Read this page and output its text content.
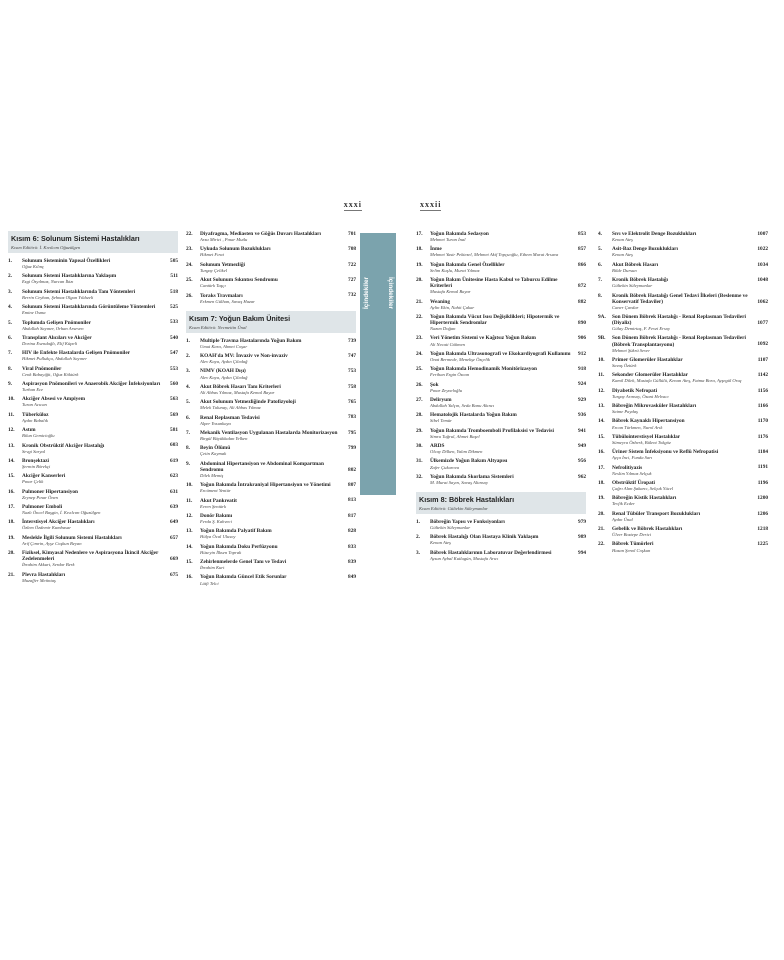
xxxi
Kısım 6: Solunum Sistemi Hastalıkları
Kısım Editörü: İ. Kıvılcım Oğuzülgen
1. Solunum Sisteminin Yapısal Özellikleri	505
Oğuz Kılınç
2. Solunum Sistemi Hastalıklarına Yaklaşım	511
Ezgi Özyılmaz, Nurcan İkizı
3. Solunum Sistemi Hastalıklarında Tanı Yöntemleri	518
Berrin Ceyhan, Şehnaz Olgun Yıldızeli
4. Solunum Sistemi Hastalıklarında Görüntüleme Yöntemleri	525
Emine Osma
5. Toplumda Gelişen Pnömoniler	533
Abdullah Sayıner, Orhan Arseven
6. Transplant Alıcıları ve Akciğer	540
Dorina Esendağlı, Elif Küpeli
7. HIV ile Enfekte Hastalarda Gelişen Pnömoniler	547
Hikmet Pullukçu, Abdullah Sayıner
8. Viral Pnömoniler	553
Cenk Babayiğit, Oğuz Köktürk
9. Aspirasyon Pnömonileri ve Anaerobik Akciğer İnfeksiyonları	560
Turhan Ece
10. Akciğer Absesi ve Ampiyem	563
Turan Acıcan
11. Tüberküloz	569
Aydın Babalık
12. Astım	581
Bilun Gemicioğlu
13. Kronik Obstrüktif Akciğer Hastalığı	603
Sevgi Saryal
14. Bronşektazi	619
Şermin Börekçi
15. Akciğer Kanserleri	623
Pınar Çelik
16. Pulmoner Hipertansiyon	631
Zeynep Pınar Önen
17. Pulmoner Emboli	639
Nazlı Öncel Başgin, İ. Kıvılcım Oğuzülgen
18. İnterstisyel Akciğer Hastalıkları	649
Özlem Özdemir Kumbasar
19. Meslekle İlgili Solunum Sistemi Hastalıkları	657
Arif Çımrin, Ayşe Coşkun Beyan
20. Fiziksel, Kimyasal Nedenlere ve Aspirasyona İkincil Akciğer Zedelenmeleri	669
İbrahim Akkurt, Serdar Berk
21. Plevra Hastalıkları	675
Muzaffer Metintaş
22. Diyafragma, Mediasten ve Göğüs Duvarı Hastalıkları	701
Arzu Mirici , Pınar Mutlu
23. Uykuda Solunum Bozuklukları	708
Hikmet Fırat
24. Solunum Yetmezliği	722
Turgay Çelikel
25. Akut Solunum Sıkıntısı Sendromu	727
Cantürk Taşçı
26. Toraks Travmaları	732
Erkmen Gülhan, Savaş Hazar
Kısım 7: Yoğun Bakım Ünitesi
Kısım Editörü: Necmettin Ünal
1. Multiple Travma Hastalarında Yoğun Bakım	739
Umut Kara, Ahmet Coşar
2. KOAH'da MV: İnvaziv ve Non-invaziv	747
Alev Kaya, Aydın Çiledağ
3. NIMV (KOAH Dışı)	753
Alev Kaya, Aydın Çiledağ
4. Akut Böbrek Hasarı Tanı Kriterleri	758
Ali Abbas Yılmaz, Mustafa Kemal Bayar
5. Akut Solunum Yetmezliğinde Patofizyoloji	765
Melek Tulunay, Ali Abbas Yılmaz
6. Renal Replasman Tedavisi	783
Alper Yosunkaya
7. Mekanik Ventilasyon Uygulanan Hastalarda Monitorizasyon	795
Birgül Büyükkıdan Yelken
8. Beyin Ölümü	799
Çetin Kaymak
9. Abdominal Hipertansiyon ve Abdominal Kompartman Sendromu	802
Dilek Memiş
10. Yoğun Bakımda İntrakraniyal Hipertansiyon ve Yönetimi	807
Ercüment Yentür
11. Akut Pankreatit	813
Evren Şentürk
12. Donör Bakımı	817
Ferda Ş. Kahveci
13. Yoğun Bakımda Palyatif Bakım	828
Hülya Öcal Ulusoy
14. Yoğun Bakımda Doku Perfüzyonu	833
Hüseyin İlksen Toprak
15. Zehirlenmelerde Genel Tanı ve Tedavi	839
İbrahim Kurt
16. Yoğun Bakımda Güncel Etik Sorunlar	849
Lütfi Telci
İçindekiler	İçindekiler
xxxii
17. Yoğun Bakımda Sedasyon	853
Mehmet Turan İnal
18. İnme	857
Mehmet Yasir Pektezel, Mehmet Akif Topçuoğlu, Ethem Murat Arsava
19. Yoğun Bakımda Genel Özellikler	866
Selim Kuşlu, Murat Yılmaz
20. Yoğun Bakım Ünitesine Hasta Kabul ve Taburcu Edilme Kriterleri	872
Mustafa Kemal Bayar
21. Weaning	882
Aylin Ekin, Nahit Çakar
22. Yoğun Bakımda Vücut Isısı Değişiklikleri; Hipotermik ve Hipertermik Sendromlar	890
Nazım Doğan
23. Veri Yönetim Sistemi ve Kağıtsız Yoğun Bakım	906
Ali Necati Gökmen
24. Yoğun Bakımda Ultrasonografi ve Ekokardiyografi Kullanımı	912
Onat Bermede, Menekşe Özçelik
25. Yoğun Bakımda Hemodinamik Monitörizasyon	918
Ferihan Ergin Özcan
26. Şok	924
Pınar Zeyneloğlu
27. Deliryum	929
Abdullah Yalçın, Seda Banu Akıncı
28. Hematolojik Hastalarda Yoğun Bakım	936
Sibel Temür
29. Yoğun Bakımda Tromboemboli Profilaksisi ve Tedavisi	941
Simru Tuğrul, Ahmet Başel
30. ARDS	949
Olcay Dilken, Yalım Dikmen
31. Ülkemizde Yoğun Bakım Altyapısı	956
Zafer Çukurova
32. Yoğun Bakımda Skorlama Sistemleri	962
M. Murat Sayın, Savaş Altınsoy
Kısım 8: Böbrek Hastalıkları
Kısım Editörü: Gültekin Süleymanlar
1. Böbreğin Yapısı ve Fonksiyonları	979
Gültekin Süleymanlar
2. Böbrek Hastalığı Olan Hastaya Klinik Yaklaşım	989
Kenan Ateş
3. Böbrek Hastalıklarının Laboratuvar Değerlendirmesi	994
Aysun Aybal Kutlugün, Mustafa Arıcı
4. Sıvı ve Elektrolit Denge Bozuklukları	1007
Kenan Ateş
5. Asit-Baz Denge Bozuklukları	1022
Kenan Ateş
6. Akut Böbrek Hasarı	1034
Bilde Dursun
7. Kronik Böbrek Hastalığı	1048
Gültekin Süleymanlar
8. Kronik Böbrek Hastalığı Genel Tedavi İlkeleri (Beslenme ve Konservatif Tedaviler)	1062
Caner Çavdar
9A. Son Dönem Böbrek Hastalığı - Renal Replasman Tedavileri (Diyaliz)	1077
Gülay Demirtaş, F. Fevzi Ersoy
9B. Son Dönem Böbrek Hastalığı - Renal Replasman Tedavileri (Böbrek Transplantasyonu)	1092
Mehmet Şükrü Sever
10. Primer Glomerüler Hastalıklar	1107
Savaş Öztürk
11. Sekonder Glomerüler Hastalıklar	1142
Kamil Dilek, Mustafa Güllülü, Kenan Ateş, Fatma Bora, Ayşegül Oruç
12. Diyabetik Nefropati	1156
Turgay Arınsoy, Özant Helvacı
13. Böbreğin Mikrovasküler Hastalıkları	1166
Saime Paydaş
14. Böbrek Kaynaklı Hipertansiyon	1170
Ercan Türkmen, Nurol Arık
15. Tübülointerstisyel Hastalıklar	1176
Sümeyra Özberk, Bülent Tokgöz
16. Üriner Sistem İnfeksiyonu ve Reflü Nefropatisi	1184
Ayça İnci, Funda Sarı
17. Nefrolitiyazis	1191
Neslim Yılmaz Selçuk
18. Obstrüktif Üropati	1196
Çağrı Alım Şakarcı, Selçuk Yücel
19. Böbreğin Kistik Hastalıkları	1200
Tevfik Ecder
20. Renal Tübüler Transport Bozuklukları	1206
Aydın Ünal
21. Gebelik ve Böbrek Hastalıkları	1218
Ülver Boztepe Derici
22. Böbrek Tümörleri	1225
Hasan Şenol Coşkun
